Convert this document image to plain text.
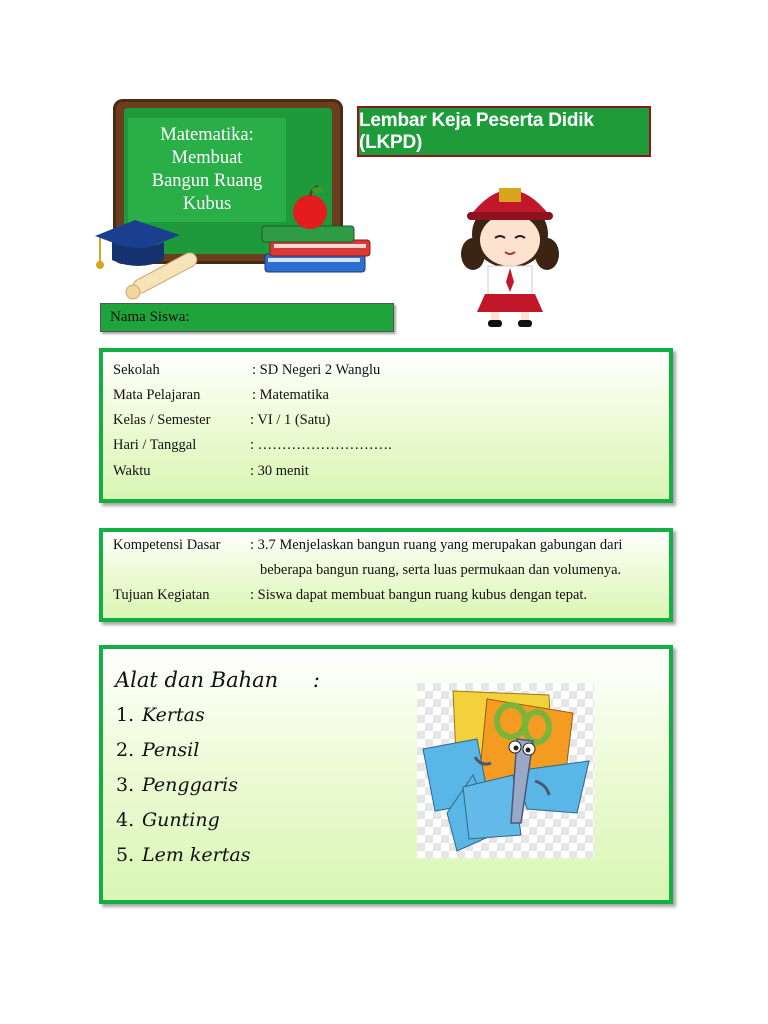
Matematika:
Membuat
Bangun Ruang
Kubus
Lembar Keja Peserta Didik (LKPD)
Nama Siswa:
Sekolah	: SD Negeri 2 Wanglu
Mata Pelajaran	: Matematika
Kelas / Semester	: VI / 1 (Satu)
Hari / Tanggal	: ……………………….
Waktu	: 30 menit
Kompetensi Dasar : 3.7 Menjelaskan bangun ruang yang merupakan gabungan dari
beberapa bangun ruang, serta luas permukaan dan volumenya.
Tujuan Kegiatan	: Siswa dapat membuat bangun ruang kubus dengan tepat.
Alat dan Bahan :
1. Kertas
2. Pensil
3. Penggaris
4. Gunting
5. Lem kertas
